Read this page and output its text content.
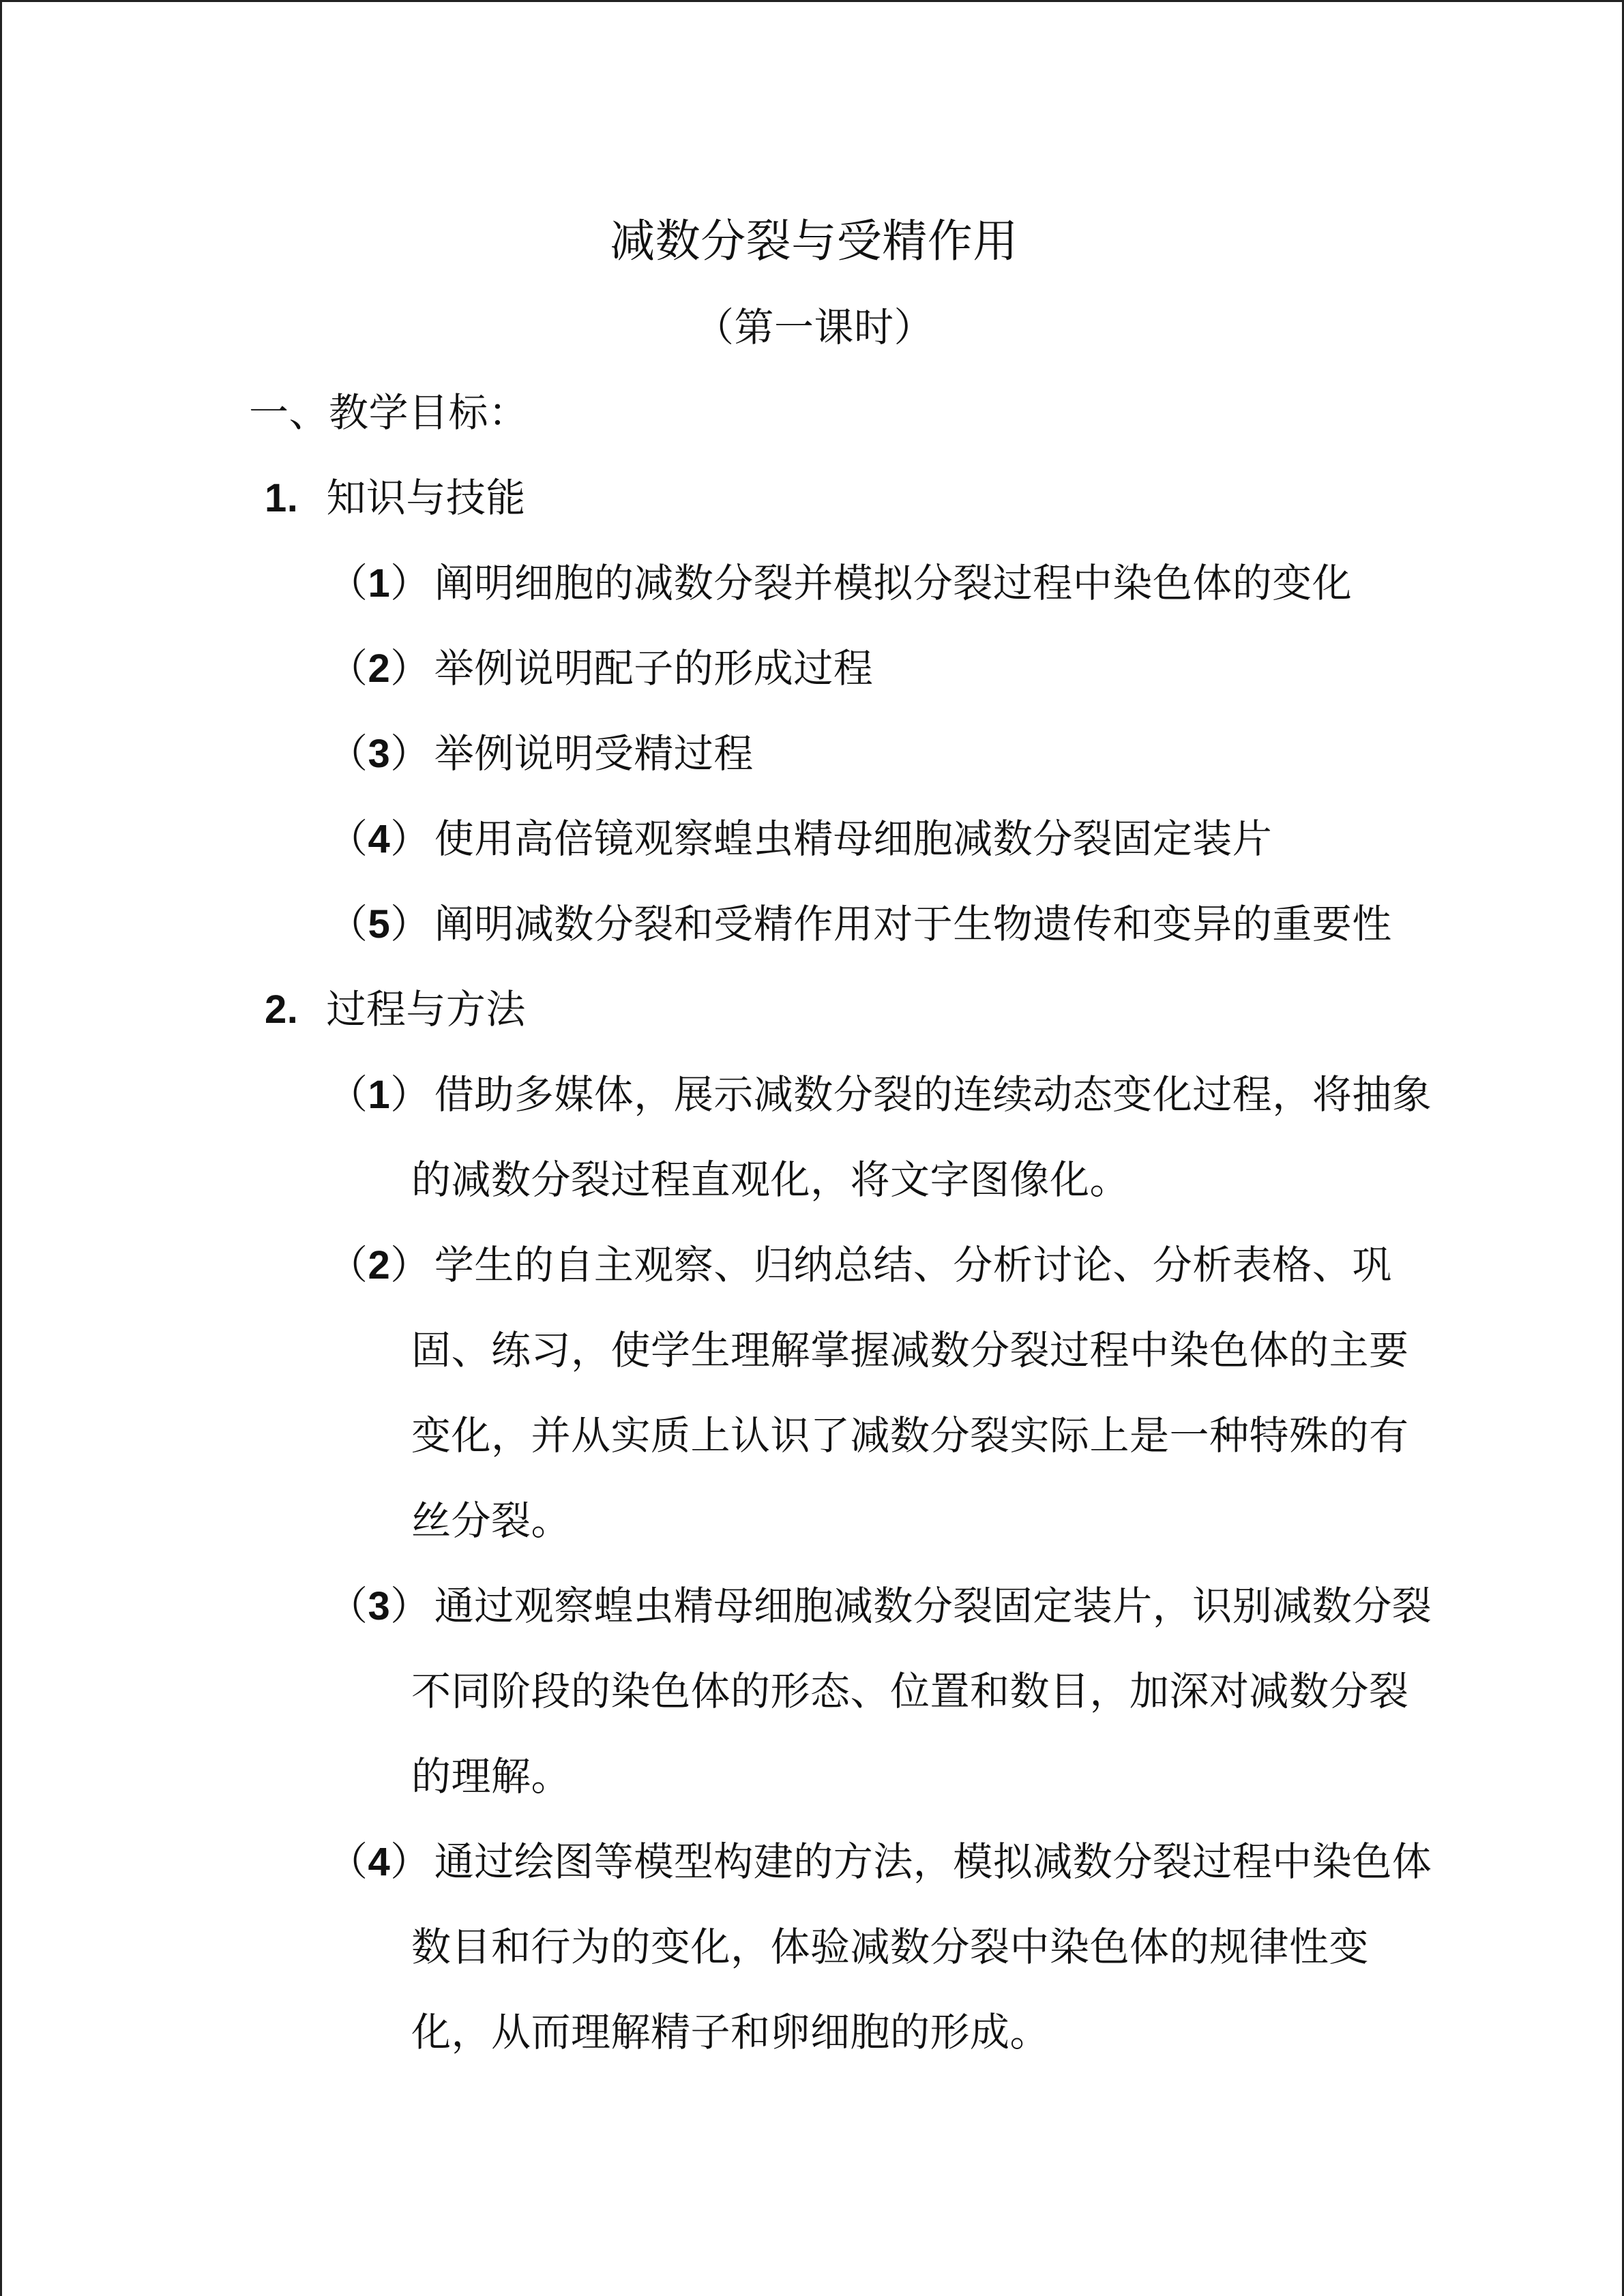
减数分裂与受精作用
（第一课时）
一、教学目标：
1. 知识与技能
（1） 阐明细胞的减数分裂并模拟分裂过程中染色体的变化
（2） 举例说明配子的形成过程
（3） 举例说明受精过程
（4） 使用高倍镜观察蝗虫精母细胞减数分裂固定装片
（5） 阐明减数分裂和受精作用对于生物遗传和变异的重要性
2. 过程与方法
（1） 借助多媒体，展示减数分裂的连续动态变化过程，将抽象
的减数分裂过程直观化，将文字图像化。
（2） 学生的自主观察、归纳总结、分析讨论、分析表格、巩
固、练习，使学生理解掌握减数分裂过程中染色体的主要
变化，并从实质上认识了减数分裂实际上是一种特殊的有
丝分裂。
（3） 通过观察蝗虫精母细胞减数分裂固定装片，识别减数分裂
不同阶段的染色体的形态、位置和数目，加深对减数分裂
的理解。
（4） 通过绘图等模型构建的方法，模拟减数分裂过程中染色体
数目和行为的变化，体验减数分裂中染色体的规律性变
化，从而理解精子和卵细胞的形成。
